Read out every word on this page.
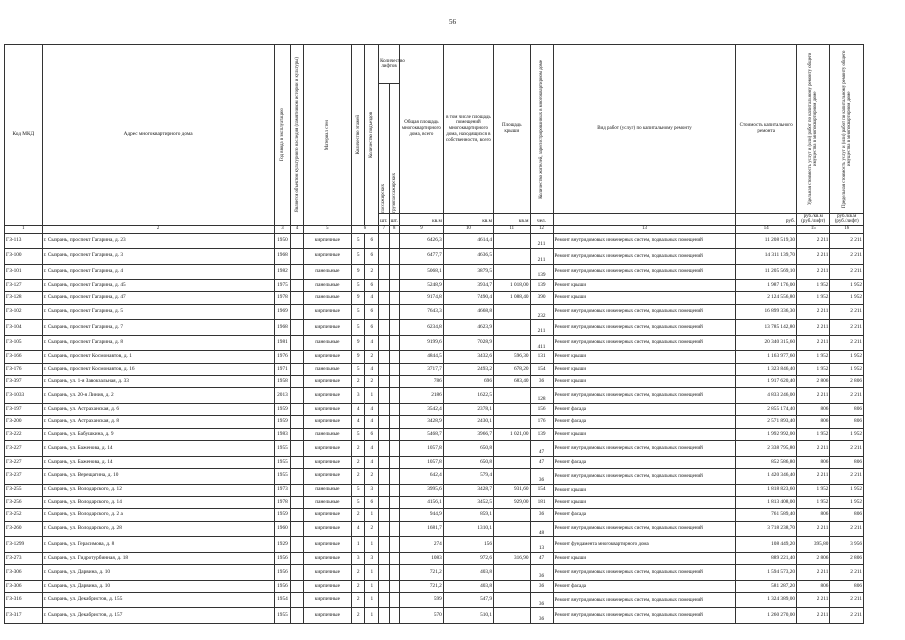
56
Код МКД	Адрес многоквартирного дома	Год ввода в эксплуатацию	Является объектом культурного наследия (памятником истории и культуры)	Материал стен	Количество этажей	Количество подъездов	Количество лифтов		Общая площадь многоквартирного дома, всего	в том числе площадь помещений многоквартирного дома, находящихся в собственности, всего	Площадь крыши	Количество жителей, зарегистрированных в многоквартирном доме	Вид работ (услуг) по капитальному ремонту	Стоимость капитального ремонта	Удельная стоимость услуг и (или) работ по капитальному ремонту общего имущества в многоквартирном доме	Предельная стоимость услуг и (или) работ по капитальному ремонту общего имущества в многоквартирном доме

							пассажирских	грузопассажирских								

							шт.	шт.	кв.м	кв.м	кв.м	чел.		руб.	руб./кв.м (руб./лифт)	руб./кв.м (руб./лифт)
1	2	3	4	5	6		7	8	9	10	11	12	13	14	15	16
ГЗ-113	г. Сызрань, проспект Гагарина, д. 23	1950		кирпичные	5	6			6426,3	4614,4		211	Ремонт внутридомовых инженерных систем, подвальных помещений	11 208 519,30	2 211	2 211
ГЗ-100	г. Сызрань, проспект Гагарина, д. 3	1968		кирпичные	5	6			6477,7	4636,5		211	Ремонт внутридомовых инженерных систем, подвальных помещений	14 311 139,70	2 211	2 211
ГЗ-101	г. Сызрань, проспект Гагарина, д. 4	1982		панельные	9	2			5068,1	3879,5		139	Ремонт внутридомовых инженерных систем, подвальных помещений	11 205 569,10	2 211	2 211
ГЗ-127	г. Сызрань, проспект Гагарина, д. 45	1975		панельные	5	6			5248,9	3934,7	1 018,00	139	Ремонт крыши	1 987 176,00	1 952	1 952
ГЗ-128	г. Сызрань, проспект Гагарина, д. 47	1978		панельные	9	4			9174,8	7490,4	1 088,40	390	Ремонт крыши	2 124 556,80	1 952	1 952
ГЗ-102	г. Сызрань, проспект Гагарина, д. 5	1969		кирпичные	5	6			7643,3	4668,8		232	Ремонт внутридомовых инженерных систем, подвальных помещений	16 899 336,30	2 211	2 211
ГЗ-104	г. Сызрань, проспект Гагарина, д. 7	1968		кирпичные	5	6			6234,8	4623,9		211	Ремонт внутридомовых инженерных систем, подвальных помещений	13 785 142,80	2 211	2 211
ГЗ-105	г. Сызрань, проспект Гагарина, д. 8	1981		панельные	9	4			9199,6	7028,9		411	Ремонт внутридомовых инженерных систем, подвальных помещений	20 340 315,60	2 211	2 211
ГЗ-166	г. Сызрань, проспект Космонавтов, д. 1	1976		кирпичные	9	2			4844,5	3432,6	596,30	131	Ремонт крыши	1 163 977,60	1 952	1 952
ГЗ-176	г. Сызрань, проспект Космонавтов, д. 16	1971		панельные	5	4			3717,7	2493,2	678,20	154	Ремонт крыши	1 323 846,40	1 952	1 952
ГЗ-397	г. Сызрань, ул. 1-я Завокзальная, д. 33	1958		кирпичные	2	2			786	696	683,40	36	Ремонт крыши	1 917 620,40	2 806	2 806
ГЗ-1033	г. Сызрань, ул. 20-я Линия, д. 2	2013		кирпичные	3	1			2186	1622,5		128	Ремонт внутридомовых инженерных систем, подвальных помещений	4 833 246,00	2 211	2 211
ГЗ-197	г. Сызрань, ул. Астраханская, д. 6	1959		кирпичные	4	4			3542,4	2378,1		156	Ремонт фасада	2 855 174,40	806	806
ГЗ-200	г. Сызрань, ул. Астраханская, д. 8	1959		кирпичные	4	4			3428,9	2430,1		176	Ремонт фасада	2 571 893,40	806	806
ГЗ-222	г. Сызрань, ул. Бабушкина, д. 9	1983		панельные	5	6			5468,7	3966,7	1 021,00	139	Ремонт крыши	1 992 992,00	1 952	1 952
ГЗ-227	г. Сызрань, ул. Баженова, д. 14	1955		кирпичные	2	4			1057,8	650,8		47	Ремонт внутридомовых инженерных систем, подвальных помещений	2 338 795,80	2 211	2 211
ГЗ-227	г. Сызрань, ул. Баженова, д. 14	1955		кирпичные	2	4			1057,8	650,8		47	Ремонт фасада	852 586,80	806	806
ГЗ-237	г. Сызрань, ул. Верещагина, д. 10	1955		кирпичные	2	2			642,4	579,4		36	Ремонт внутридомовых инженерных систем, подвальных помещений	1 420 346,40	2 211	2 211
ГЗ-255	г. Сызрань, ул. Володарского, д. 12	1973		панельные	5	3			3995,6	3428,7	931,60	154	Ремонт крыши	1 818 823,60	1 952	1 952
ГЗ-256	г. Сызрань, ул. Володарского, д. 14	1978		панельные	5	6			4156,1	3452,5	929,00	181	Ремонт крыши	1 813 408,00	1 952	1 952
ГЗ-252	г. Сызрань, ул. Володарского, д. 2 а	1959		кирпичные	2	1			944,9	859,1		36	Ремонт фасада	761 589,40	806	806
ГЗ-260	г. Сызрань, ул. Володарского, д. 28	1960		кирпичные	4	2			1681,7	1310,1		48	Ремонт внутридомовых инженерных систем, подвальных помещений	3 718 238,70	2 211	2 211
ГЗ-1299	г. Сызрань, ул. Герасимова, д. 8	1929		кирпичные	1	1			274	156		13	Ремонт фундамента многоквартирного дома	108 449,20	395,80	3 956
ГЗ-273	г. Сызрань, ул. Гидротурбинная, д. 18	1956		кирпичные	3	3			1083	972,6	316,90	47	Ремонт крыши	889 221,40	2 806	2 806
ГЗ-306	г. Сызрань, ул. Дарвина, д. 10	1956		кирпичные	2	1			721,2	403,8		36	Ремонт внутридомовых инженерных систем, подвальных помещений	1 594 573,20	2 211	2 211
ГЗ-306	г. Сызрань, ул. Дарвина, д. 10	1956		кирпичные	2	1			721,2	403,8		36	Ремонт фасада	581 287,20	806	806
ГЗ-316	г. Сызрань, ул. Декабристов, д. 155	1954		кирпичные	2	1			599	547,9		36	Ремонт внутридомовых инженерных систем, подвальных помещений	1 324 389,00	2 211	2 211
ГЗ-317	г. Сызрань, ул. Декабристов, д. 157	1955		кирпичные	2	1			570	510,1		36	Ремонт внутридомовых инженерных систем, подвальных помещений	1 260 270,00	2 211	2 211
